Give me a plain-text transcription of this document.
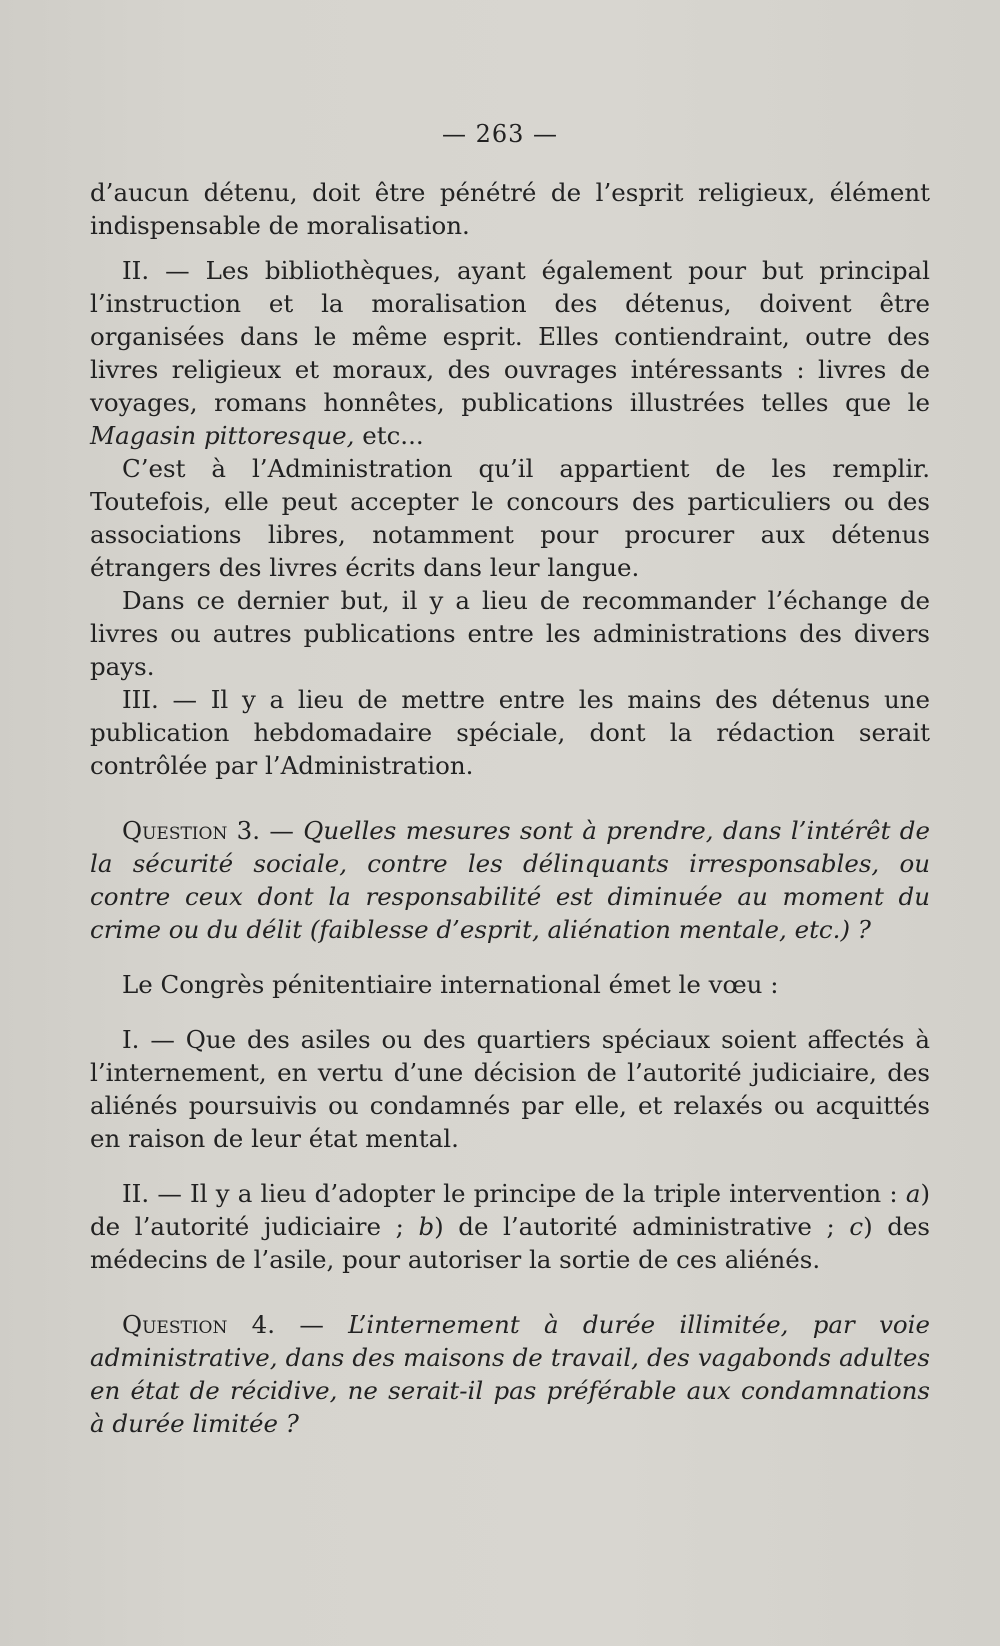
— 263 —

d’aucun détenu, doit être pénétré de l’esprit religieux, élément indispensable de moralisation.

II. — Les bibliothèques, ayant également pour but principal l’instruction et la moralisation des détenus, doivent être organisées dans le même esprit. Elles contiendraint, outre des livres religieux et moraux, des ouvrages intéressants : livres de voyages, romans honnêtes, publications illustrées telles que le Magasin pittoresque, etc...

C’est à l’Administration qu’il appartient de les remplir. Toutefois, elle peut accepter le concours des particuliers ou des associations libres, notamment pour procurer aux détenus étrangers des livres écrits dans leur langue.

Dans ce dernier but, il y a lieu de recommander l’échange de livres ou autres publications entre les administrations des divers pays.

III. — Il y a lieu de mettre entre les mains des détenus une publication hebdomadaire spéciale, dont la rédaction serait contrôlée par l’Administration.

Question 3. — Quelles mesures sont à prendre, dans l’intérêt de la sécurité sociale, contre les délinquants irresponsables, ou contre ceux dont la responsabilité est diminuée au moment du crime ou du délit (faiblesse d’esprit, aliénation mentale, etc.) ?

Le Congrès pénitentiaire international émet le vœu :

I. — Que des asiles ou des quartiers spéciaux soient affectés à l’internement, en vertu d’une décision de l’autorité judiciaire, des aliénés poursuivis ou condamnés par elle, et relaxés ou acquittés en raison de leur état mental.

II. — Il y a lieu d’adopter le principe de la triple intervention : a) de l’autorité judiciaire ; b) de l’autorité administrative ; c) des médecins de l’asile, pour autoriser la sortie de ces aliénés.

Question 4. — L’internement à durée illimitée, par voie administrative, dans des maisons de travail, des vagabonds adultes en état de récidive, ne serait-il pas préférable aux condamnations à durée limitée ?
